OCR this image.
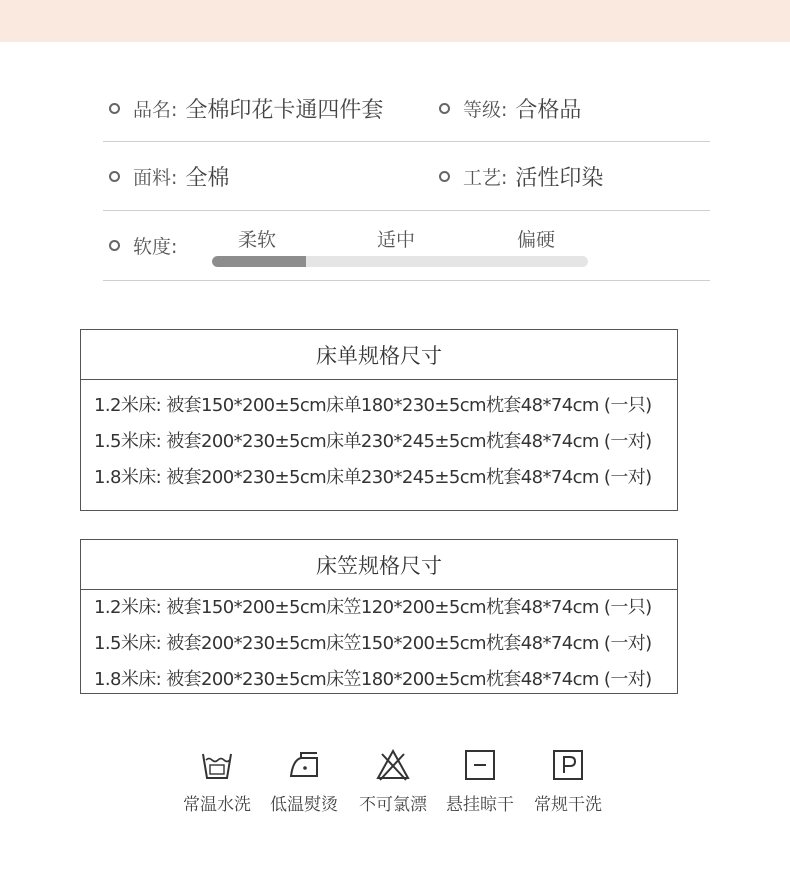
品名: 全棉印花卡通四件套	等级: 合格品
面料: 全棉	工艺: 活性印染
软度:	柔软	适中	偏硬
床单规格尺寸
1.2米床: 被套150*200±5cm床单180*230±5cm枕套48*74cm (一只)
1.5米床: 被套200*230±5cm床单230*245±5cm枕套48*74cm (一对)
1.8米床: 被套200*230±5cm床单230*245±5cm枕套48*74cm (一对)
床笠规格尺寸
1.2米床: 被套150*200±5cm床笠120*200±5cm枕套48*74cm (一只)
1.5米床: 被套200*230±5cm床笠150*200±5cm枕套48*74cm (一对)
1.8米床: 被套200*230±5cm床笠180*200±5cm枕套48*74cm (一对)
常温水洗 低温熨烫 不可氯漂 悬挂晾干 常规干洗
